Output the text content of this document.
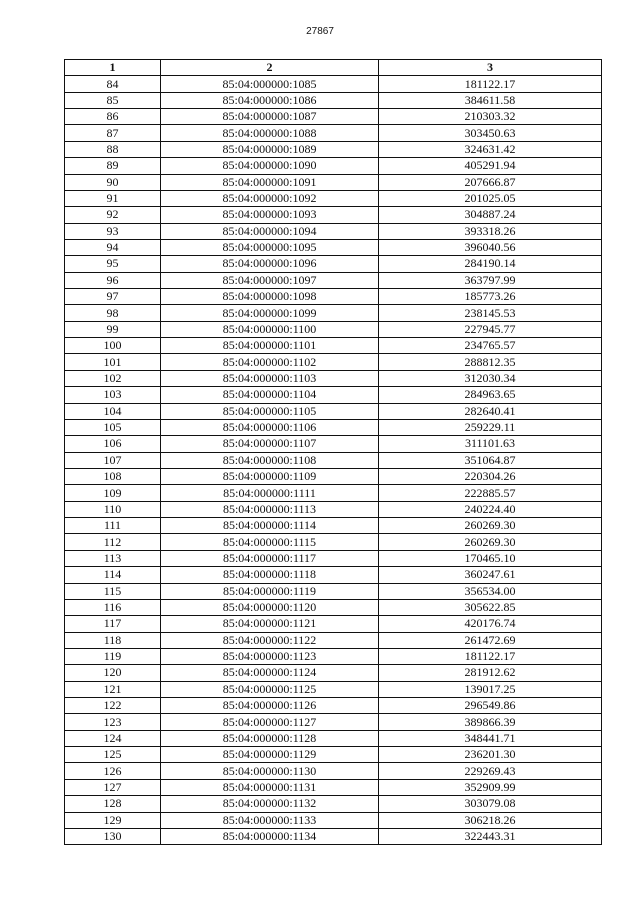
27867
1	2	3
84	85:04:000000:1085	181122.17
85	85:04:000000:1086	384611.58
86	85:04:000000:1087	210303.32
87	85:04:000000:1088	303450.63
88	85:04:000000:1089	324631.42
89	85:04:000000:1090	405291.94
90	85:04:000000:1091	207666.87
91	85:04:000000:1092	201025.05
92	85:04:000000:1093	304887.24
93	85:04:000000:1094	393318.26
94	85:04:000000:1095	396040.56
95	85:04:000000:1096	284190.14
96	85:04:000000:1097	363797.99
97	85:04:000000:1098	185773.26
98	85:04:000000:1099	238145.53
99	85:04:000000:1100	227945.77
100	85:04:000000:1101	234765.57
101	85:04:000000:1102	288812.35
102	85:04:000000:1103	312030.34
103	85:04:000000:1104	284963.65
104	85:04:000000:1105	282640.41
105	85:04:000000:1106	259229.11
106	85:04:000000:1107	311101.63
107	85:04:000000:1108	351064.87
108	85:04:000000:1109	220304.26
109	85:04:000000:1111	222885.57
110	85:04:000000:1113	240224.40
111	85:04:000000:1114	260269.30
112	85:04:000000:1115	260269.30
113	85:04:000000:1117	170465.10
114	85:04:000000:1118	360247.61
115	85:04:000000:1119	356534.00
116	85:04:000000:1120	305622.85
117	85:04:000000:1121	420176.74
118	85:04:000000:1122	261472.69
119	85:04:000000:1123	181122.17
120	85:04:000000:1124	281912.62
121	85:04:000000:1125	139017.25
122	85:04:000000:1126	296549.86
123	85:04:000000:1127	389866.39
124	85:04:000000:1128	348441.71
125	85:04:000000:1129	236201.30
126	85:04:000000:1130	229269.43
127	85:04:000000:1131	352909.99
128	85:04:000000:1132	303079.08
129	85:04:000000:1133	306218.26
130	85:04:000000:1134	322443.31
